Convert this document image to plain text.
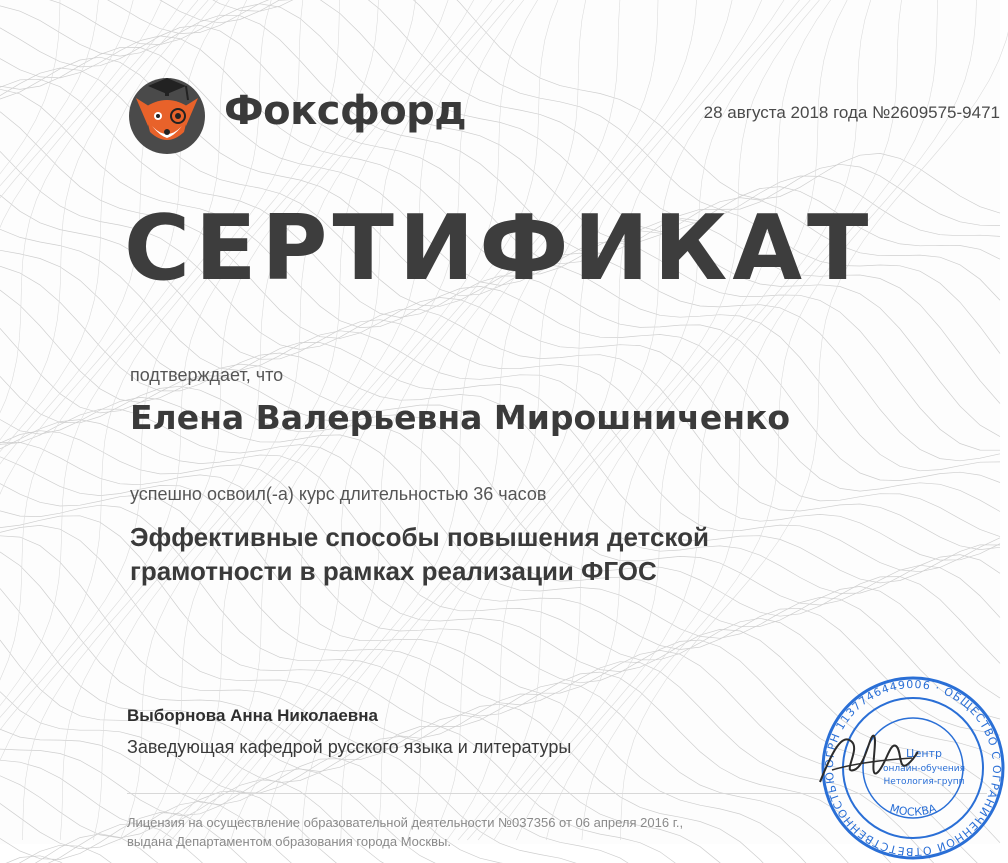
Фоксфорд	28 августа 2018 года №2609575-9471
СЕРТИФИКАТ
подтверждает, что
Елена Валерьевна Мирошниченко
успешно освоил(-а) курс длительностью 36 часов
Эффективные способы повышения детской
грамотности в рамках реализации ФГОС
Выборнова Анна Николаевна
Заведующая кафедрой русского языка и литературы
Лицензия на осуществление образовательной деятельности №037356 от 06 апреля 2016 г.,
выдана Департаментом образования города Москвы.
ОГРН 1137746449006 · ОБЩЕСТВО С ОГРАНИЧЕННОЙ ОТВЕТСТВЕННОСТЬЮ
Центр
онлайн-обучения
Нетология-групп
МОСКВА
